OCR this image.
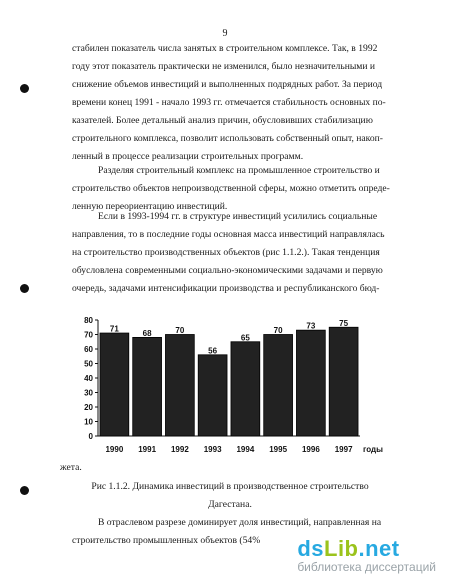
9
стабилен показатель числа занятых в строительном комплексе. Так, в 1992
году этот показатель практически не изменился, было незначительными и
снижение объемов инвестиций и выполненных подрядных работ. За период
времени конец 1991 - начало 1993 гг. отмечается стабильность основных по-
казателей. Более детальный анализ причин, обусловивших стабилизацию
строительного комплекса, позволит использовать собственный опыт, накоп-
ленный в процессе реализации строительных программ.
Разделяя строительный комплекс на промышленное строительство и
строительство объектов непроизводственной сферы, можно отметить опреде-
ленную переориентацию инвестиций.
Если в 1993-1994 гг. в структуре инвестиций усилились социальные
направления, то в последние годы основная масса инвестиций направлялась
на строительство производственных объектов (рис 1.1.2.). Такая тенденция
обусловлена современными социально-экономическими задачами и первую
очередь, задачами интенсификации производства и республиканского бюд-
0
10
20
30
40
50
60
70
80
71
1990
68
1991
70
1992
56
1993
65
1994
70
1995
73
1996
75
1997 годы
жета.
Рис 1.1.2. Динамика инвестиций в производственное строительство
Дагестана.
В отраслевом разрезе доминирует доля инвестиций, направленная на
строительство промышленных объектов (54%	dsLib.net
библиотека диссертаций
